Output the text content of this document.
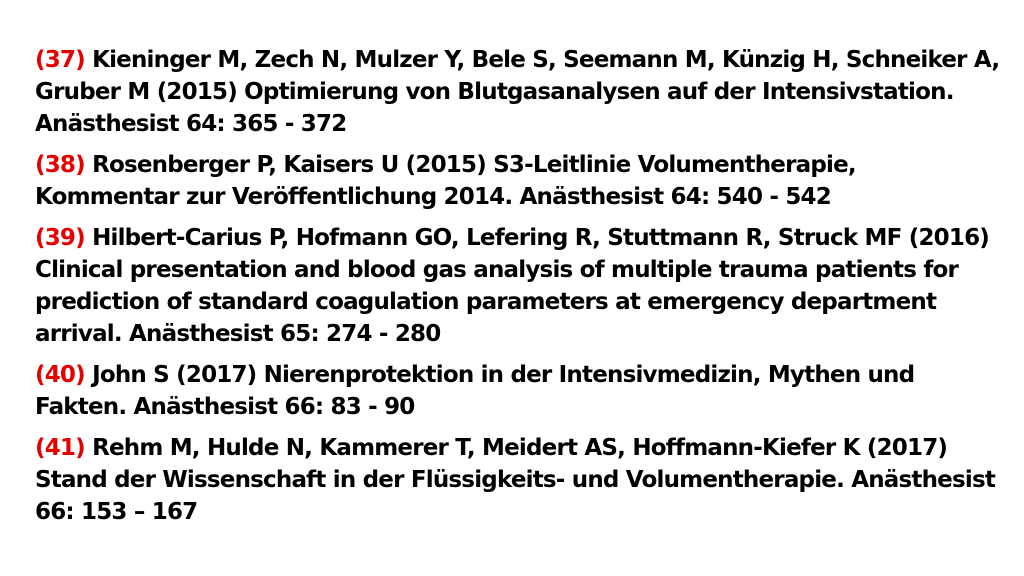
(37) Kieninger M, Zech N, Mulzer Y, Bele S, Seemann M, Künzig H, Schneiker A, Gruber M (2015) Optimierung von Blutgasanalysen auf der Intensivstation. Anästhesist 64: 365 - 372

(38) Rosenberger P, Kaisers U (2015) S3-Leitlinie Volumentherapie, Kommentar zur Veröffentlichung 2014. Anästhesist 64: 540 - 542

(39) Hilbert-Carius P, Hofmann GO, Lefering R, Stuttmann R, Struck MF (2016) Clinical presentation and blood gas analysis of multiple trauma patients for prediction of standard coagulation parameters at emergency department arrival. Anästhesist 65: 274 - 280

(40) John S (2017) Nierenprotektion in der Intensivmedizin, Mythen und Fakten. Anästhesist 66: 83 - 90

(41) Rehm M, Hulde N, Kammerer T, Meidert AS, Hoffmann-Kiefer K (2017) Stand der Wissenschaft in der Flüssigkeits- und Volumentherapie. Anästhesist 66: 153 – 167
